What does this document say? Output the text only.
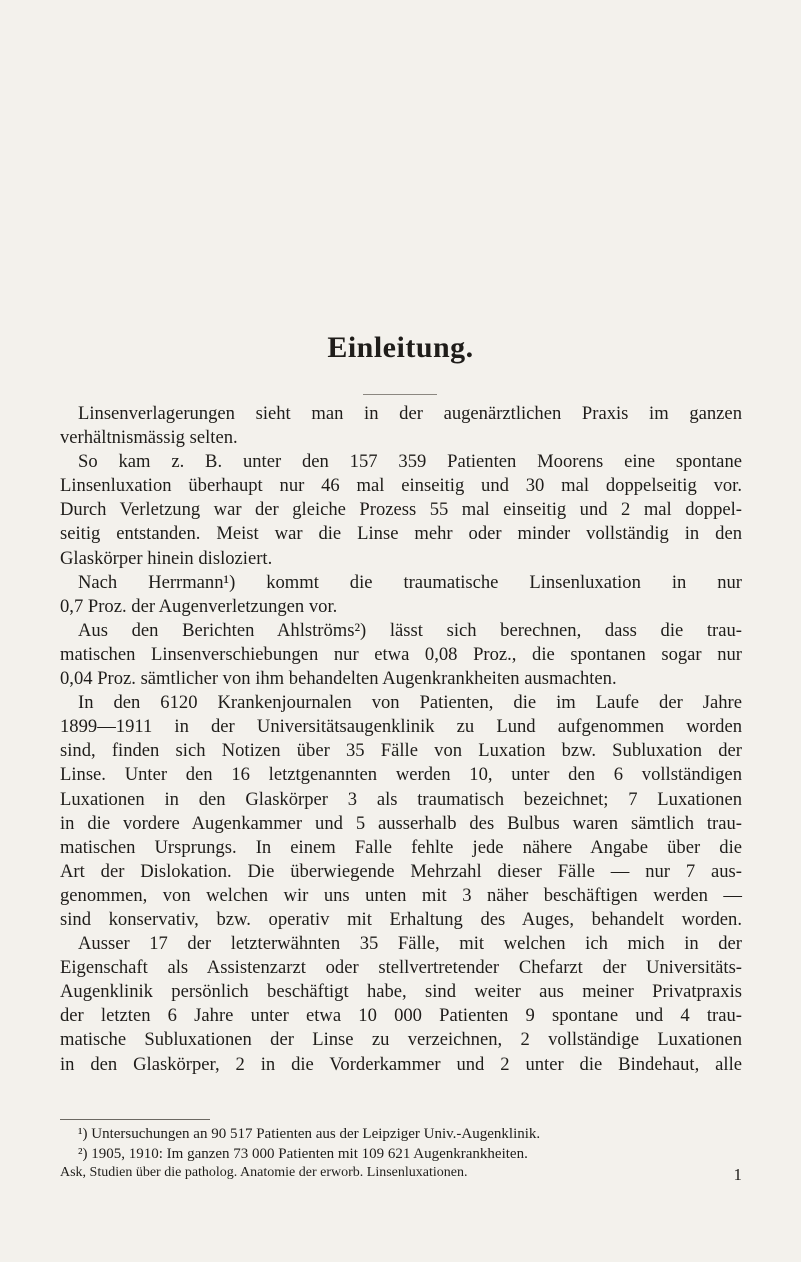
Einleitung.

Linsenverlagerungen sieht man in der augenärztlichen Praxis im ganzen
verhältnismässig selten.

So kam z. B. unter den 157 359 Patienten Moorens eine spontane
Linsenluxation überhaupt nur 46 mal einseitig und 30 mal doppelseitig vor.
Durch Verletzung war der gleiche Prozess 55 mal einseitig und 2 mal doppel-
seitig entstanden. Meist war die Linse mehr oder minder vollständig in den
Glaskörper hinein disloziert.

Nach Herrmann¹) kommt die traumatische Linsenluxation in nur
0,7 Proz. der Augenverletzungen vor.

Aus den Berichten Ahlströms²) lässt sich berechnen, dass die trau-
matischen Linsenverschiebungen nur etwa 0,08 Proz., die spontanen sogar nur
0,04 Proz. sämtlicher von ihm behandelten Augenkrankheiten ausmachten.

In den 6120 Krankenjournalen von Patienten, die im Laufe der Jahre
1899—1911 in der Universitätsaugenklinik zu Lund aufgenommen worden
sind, finden sich Notizen über 35 Fälle von Luxation bzw. Subluxation der
Linse. Unter den 16 letztgenannten werden 10, unter den 6 vollständigen
Luxationen in den Glaskörper 3 als traumatisch bezeichnet; 7 Luxationen
in die vordere Augenkammer und 5 ausserhalb des Bulbus waren sämtlich trau-
matischen Ursprungs. In einem Falle fehlte jede nähere Angabe über die
Art der Dislokation. Die überwiegende Mehrzahl dieser Fälle — nur 7 aus-
genommen, von welchen wir uns unten mit 3 näher beschäftigen werden —
sind konservativ, bzw. operativ mit Erhaltung des Auges, behandelt worden.

Ausser 17 der letzterwähnten 35 Fälle, mit welchen ich mich in der
Eigenschaft als Assistenzarzt oder stellvertretender Chefarzt der Universitäts-
Augenklinik persönlich beschäftigt habe, sind weiter aus meiner Privatpraxis
der letzten 6 Jahre unter etwa 10 000 Patienten 9 spontane und 4 trau-
matische Subluxationen der Linse zu verzeichnen, 2 vollständige Luxationen
in den Glaskörper, 2 in die Vorderkammer und 2 unter die Bindehaut, alle

¹) Untersuchungen an 90 517 Patienten aus der Leipziger Univ.-Augenklinik.
²) 1905, 1910: Im ganzen 73 000 Patienten mit 109 621 Augenkrankheiten.
Ask, Studien über die patholog. Anatomie der erworb. Linsenluxationen.	1
